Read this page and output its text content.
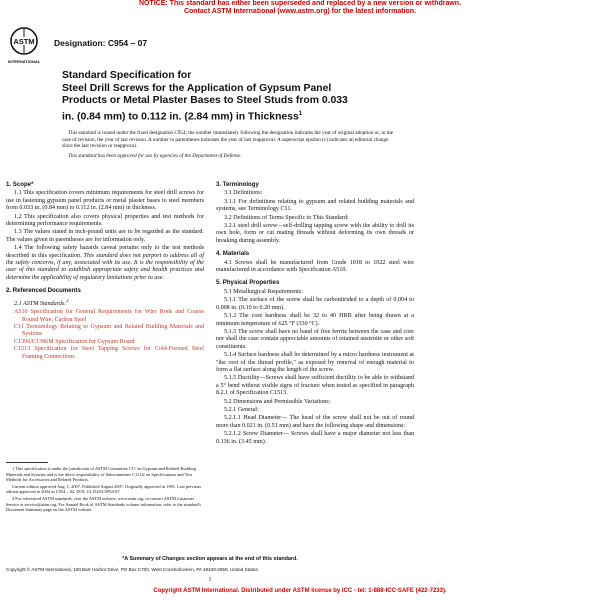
NOTICE: This standard has either been superseded and replaced by a new version or withdrawn.
Contact ASTM International (www.astm.org) for the latest information.
ASTM
INTERNATIONAL
Designation: C954 – 07
Standard Specification for
Steel Drill Screws for the Application of Gypsum Panel
Products or Metal Plaster Bases to Steel Studs from 0.033
in. (0.84 mm) to 0.112 in. (2.84 mm) in Thickness$^1$

This standard is issued under the fixed designation C954; the number immediately following the designation indicates the year of original adoption or, in the case of revision, the year of last revision. A number in parentheses indicates the year of last reapproval. A superscript epsilon (ε) indicates an editorial change since the last revision or reapproval.

This standard has been approved for use by agencies of the Department of Defense.

1. Scope*

1.1 This specification covers minimum requirements for steel drill screws for use in fastening gypsum panel products or metal plaster bases to steel members from 0.033 in. (0.84 mm) to 0.112 in. (2.84 mm) in thickness.

1.2 This specification also covers physical properties and test methods for determining performance requirements.

1.3 The values stated in inch-pound units are to be regarded as the standard. The values given in parentheses are for information only.

1.4 The following safety hazards caveat pertains only to the test methods described in this specification. This standard does not purport to address all of the safety concerns, if any, associated with its use. It is the responsibility of the user of this standard to establish appropriate safety and health practices and determine the applicability of regulatory limitations prior to use.

2. Referenced Documents

2.1 ASTM Standards:$^2$

A510 Specification for General Requirements for Wire Rods and Coarse Round Wire, Carbon Steel

C11 Terminology Relating to Gypsum and Related Building Materials and Systems

C1396/C1396M Specification for Gypsum Board

C1513 Specification for Steel Tapping Screws for Cold-Formed Steel Framing Connections

1 This specification is under the jurisdiction of ASTM Committee C11 on Gypsum and Related Building Materials and Systems and is the direct responsibility of Subcommittee C11.02 on Specifications and Test Methods for Accessories and Related Products.

Current edition approved Aug. 1, 2007. Published August 2007. Originally approved in 1981. Last previous edition approved in 2004 as C954 – 04. DOI: 10.1520/C0954-07.

2 For referenced ASTM standards, visit the ASTM website, www.astm.org, or contact ASTM Customer Service at service@astm.org. For Annual Book of ASTM Standards volume information, refer to the standard's Document Summary page on the ASTM website.

3. Terminology

3.1 Definitions:

3.1.1 For definitions relating to gypsum and related building materials and systems, see Terminology C11.

3.2 Definitions of Terms Specific to This Standard:

3.2.1 steel drill screw—self-drilling tapping screw with the ability to drill its own hole, form or cut mating threads without deforming its own threads or breaking during assembly.

4. Materials

4.1 Screws shall be manufactured from Grade 1018 to 1022 steel wire manufactured in accordance with Specification A510.

5. Physical Properties

5.1 Metallurgical Requirements:

5.1.1 The surface of the screw shall be carbonitrided to a depth of 0.004 to 0.008 in. (0.10 to 0.20 mm).

5.1.2 The core hardness shall be 32 to 40 HRB after being drawn at a minimum temperature of 625 °F (330 °C).

5.1.3 The screw shall have no band of free ferrite between the case and core nor shall the case contain appreciable amounts of retained austenite or other soft constituents.

5.1.4 Surface hardness shall be determined by a micro hardness instrument at "the root of the thread profile," as exposed by removal of enough material to form a flat surface along the length of the screw.

5.1.5 Ductility—Screws shall have sufficient ductility to be able to withstand a 5° bend without visible signs of fracture when tested as specified in paragraph 8.2.1 of Specification C1513.

5.2 Dimensions and Permissible Variations:

5.2.1 General:

5.2.1.1 Head Diameter— The head of the screw shall not be out of round more than 0.021 in. (0.51 mm) and have the following shape and dimensions:

5.2.1.2 Screw Diameter— Screws shall have a major diameter not less than 0.136 in. (3.45 mm).

*A Summary of Changes section appears at the end of this standard.
Copyright © ASTM International, 100 Barr Harbor Drive, PO Box C700, West Conshohocken, PA 19428-2959, United States.
1
Copyright ASTM International. Distributed under ASTM license by ICC - tel: 1-888-ICC-SAFE (422-7233).
